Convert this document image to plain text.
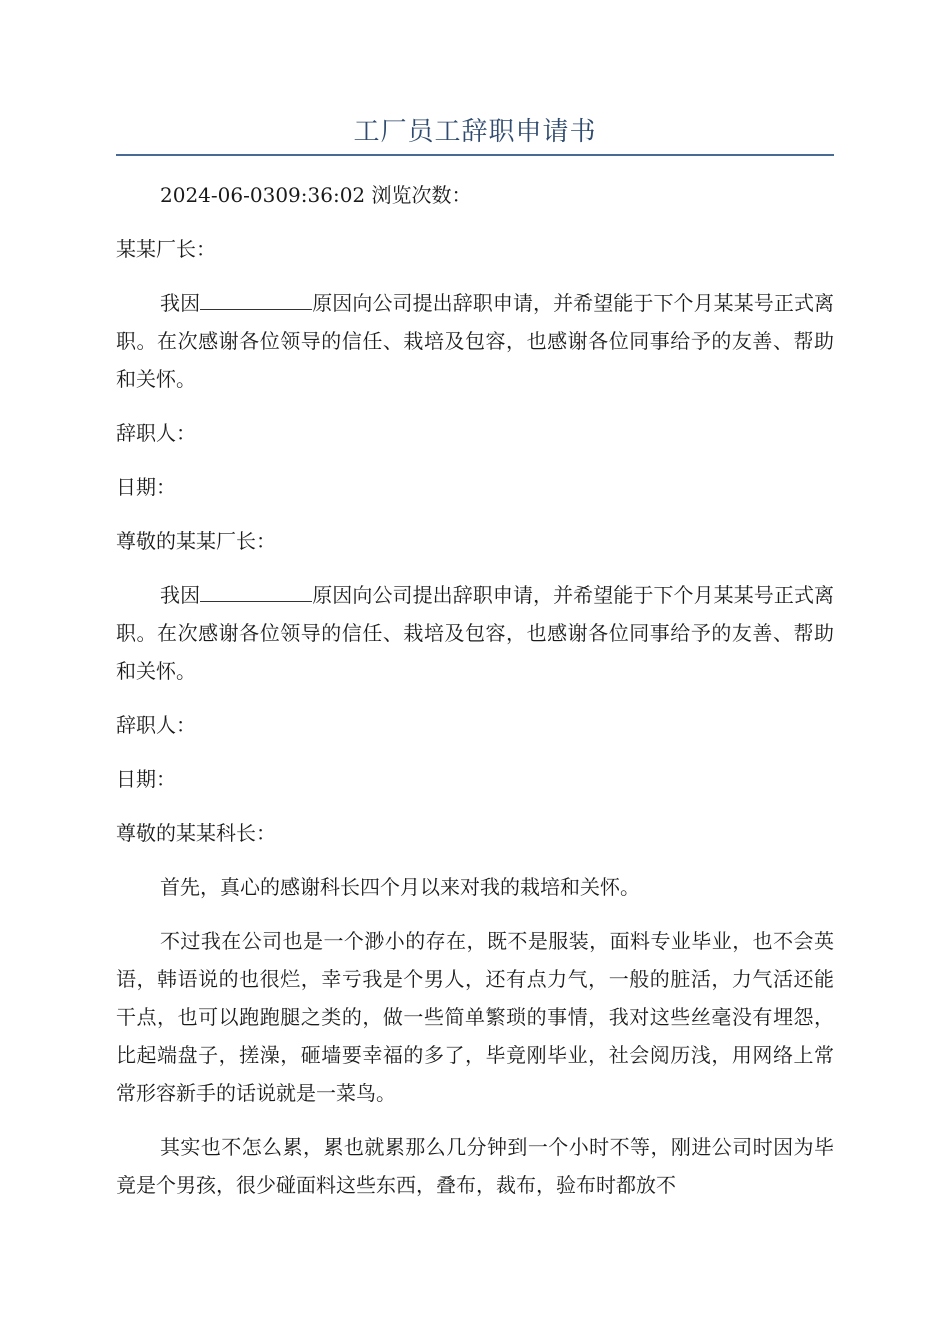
工厂员工辞职申请书

2024-06-0309:36:02 浏览次数：

某某厂长：

我因	原因向公司提出辞职申请，并希望能于下个月某某号正式离职。在次感谢各位领导的信任、栽培及包容，也感谢各位同事给予的友善、帮助和关怀。

辞职人：

日期：

尊敬的某某厂长：

我因	原因向公司提出辞职申请，并希望能于下个月某某号正式离职。在次感谢各位领导的信任、栽培及包容，也感谢各位同事给予的友善、帮助和关怀。

辞职人：

日期：

尊敬的某某科长：

首先，真心的感谢科长四个月以来对我的栽培和关怀。

不过我在公司也是一个渺小的存在，既不是服装，面料专业毕业，也不会英语，韩语说的也很烂，幸亏我是个男人，还有点力气，一般的脏活，力气活还能干点，也可以跑跑腿之类的，做一些简单繁琐的事情，我对这些丝毫没有埋怨，比起端盘子，搓澡，砸墙要幸福的多了，毕竟刚毕业，社会阅历浅，用网络上常常形容新手的话说就是一菜鸟。

其实也不怎么累，累也就累那么几分钟到一个小时不等，刚进公司时因为毕竟是个男孩，很少碰面料这些东西，叠布，裁布，验布时都放不
